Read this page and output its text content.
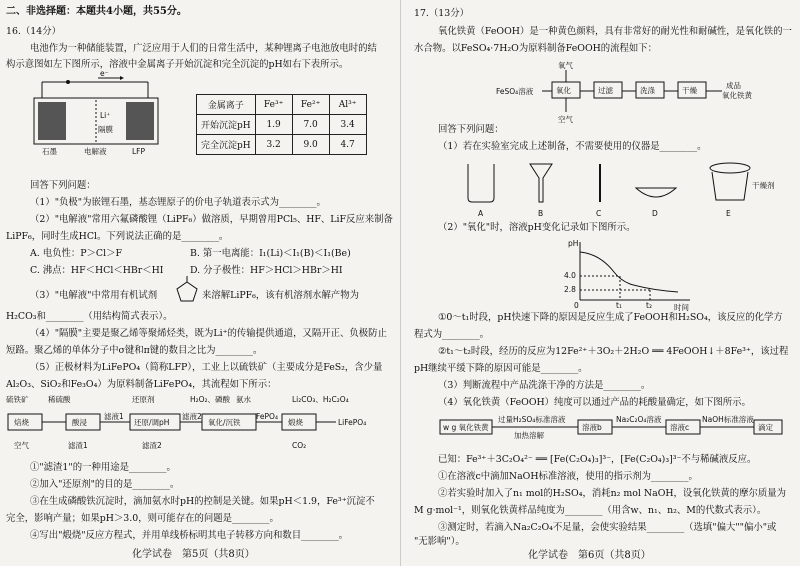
二、非选择题：本题共4小题，共55分。
16.（14分）
电池作为一种储能装置，广泛应用于人们的日常生活中，某种锂离子电池放电时的结
构示意图如左下图所示，溶液中金属离子开始沉淀和完全沉淀的pH如右下表所示。
e⁻
Li⁺
隔膜
石墨	电解液	LFP
金属离子	Fe³⁺	Fe²⁺	Al³⁺
开始沉淀pH	1.9	7.0	3.4
完全沉淀pH	3.2	9.0	4.7
回答下列问题：
（1）"负极"为嵌锂石墨，基态锂原子的价电子轨道表示式为________。
（2）"电解液"常用六氟磷酸锂（LiPF₆）做溶质，早期曾用PCl₅、HF、LiF反应来制备
LiPF₆，同时生成HCl。下列说法正确的是________。
A. 电负性：P＞Cl＞F	B. 第一电离能：I₁(Li)＜I₁(B)＜I₁(Be)
C. 沸点：HF＜HCl＜HBr＜HI	D. 分子极性：HF＞HCl＞HBr＞HI
（3）"电解液"中常用有机试剂	来溶解LiPF₆，该有机溶剂水解产物为
H₂CO₃和________（用结构简式表示）。
（4）"隔膜"主要是聚乙烯等聚烯烃类，既为Li⁺的传输提供通道，又隔开正、负极防止
短路。聚乙烯的单体分子中σ键和π键的数目之比为________。
（5）正极材料为LiFePO₄（简称LFP），工业上以硫铁矿（主要成分是FeS₂，含少量
Al₂O₃、SiO₂和Fe₃O₄）为原料制备LiFePO₄，其流程如下所示：
硫铁矿	稀硫酸	还原剂	H₂O₂、磷酸 氨水	Li₂CO₃、H₂C₂O₄
焙烧	酸浸	还原/调pH	氧化/沉铁	煅烧
滤液1	滤液2	FePO₄
LiFePO₄
空气	滤渣1	滤渣2	CO₂
①"滤渣1"的一种用途是________。
②加入"还原剂"的目的是________。
③在生成磷酸铁沉淀时，滴加氨水时pH的控制是关键。如果pH＜1.9，Fe³⁺沉淀不
完全，影响产量；如果pH＞3.0，则可能存在的问题是________。
④写出"煅烧"反应方程式，并用单线桥标明其电子转移方向和数目________。
化学试卷　第5页（共8页）
17.（13分）
氧化铁黄（FeOOH）是一种黄色颜料，具有非常好的耐光性和耐碱性，是氧化铁的一
水合物。以FeSO₄·7H₂O为原料制备FeOOH的流程如下：
氧气
FeSO₄溶液	氧化	过滤	洗涤	干燥
成品
氧化铁黄
空气
回答下列问题：
（1）若在实验室完成上述制备，不需要使用的仪器是________。
干燥剂
A	B	C	D	E
（2）"氧化"时，溶液pH变化记录如下图所示。
pH
时间
4.0
2.8
0	t₁	t₂
①0～t₁时段，pH快速下降的原因是反应生成了FeOOH和H₂SO₄，该反应的化学方
程式为________。
②t₁～t₂时段，经历的反应为12Fe²⁺＋3O₂＋2H₂O ══ 4FeOOH↓＋8Fe³⁺，该过程
pH继续平缓下降的原因可能是________。
（3）判断流程中产品洗涤干净的方法是________。
（4）氧化铁黄（FeOOH）纯度可以通过产品的耗酸量确定，如下图所示。
w g 氧化铁黄
过量H₂SO₄标准溶液
加热溶解
溶液b
Na₂C₂O₄溶液
溶液c
NaOH标准溶液
滴定
已知：Fe³⁺＋3C₂O₄²⁻ ══ [Fe(C₂O₄)₃]³⁻，[Fe(C₂O₄)₃]³⁻不与稀碱液反应。
①在溶液c中滴加NaOH标准溶液，使用的指示剂为________。
②若实验时加入了n₁ mol的H₂SO₄，消耗n₂ mol NaOH，设氧化铁黄的摩尔质量为
M g·mol⁻¹，则氧化铁黄样品纯度为________（用含w、n₁、n₂、M的代数式表示）。
③测定时，若滴入Na₂C₂O₄不足量，会使实验结果________（选填"偏大""偏小"或
"无影响"）。
化学试卷　第6页（共8页）
